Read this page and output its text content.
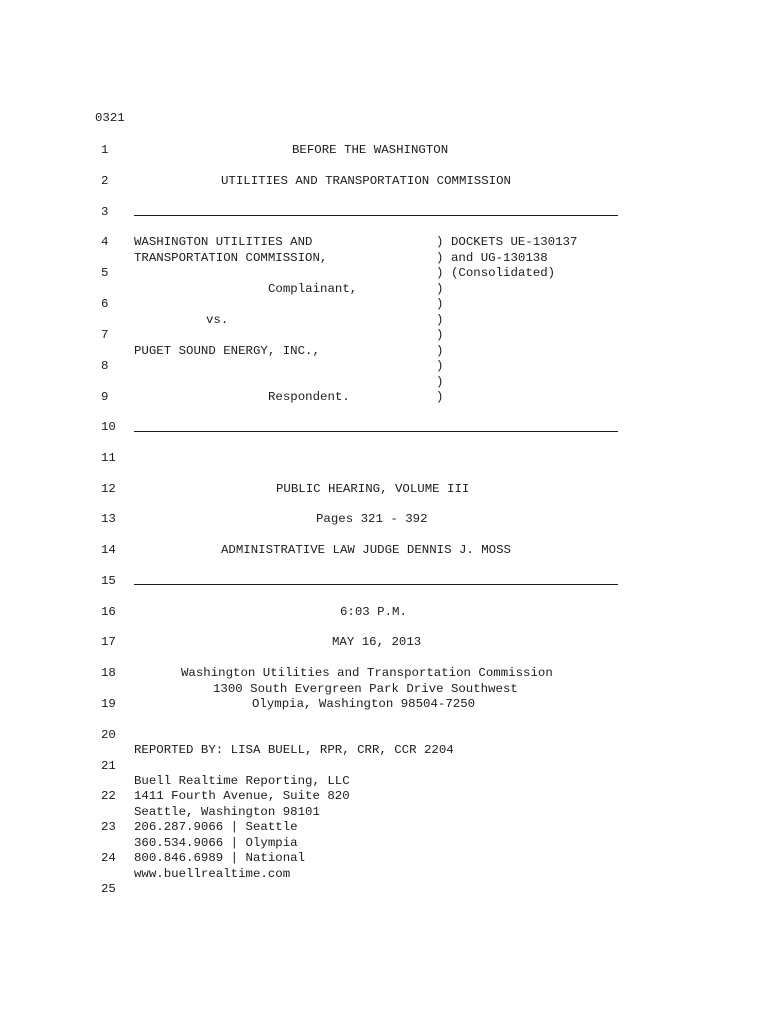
0321
1
2
3
4
5
6
7
8
9
10
11
12
13
14
15
16
17
18
19
20
21
22
23
24
25
BEFORE THE WASHINGTON
UTILITIES AND TRANSPORTATION COMMISSION
WASHINGTON UTILITIES AND
TRANSPORTATION COMMISSION,
Complainant,
vs.
PUGET SOUND ENERGY, INC.,
Respondent.
)
)
)
)
)
)
)
)
)
)
)
DOCKETS UE-130137
and UG-130138
(Consolidated)
PUBLIC HEARING, VOLUME III
Pages 321 - 392
ADMINISTRATIVE LAW JUDGE DENNIS J. MOSS
6:03 P.M.
MAY 16, 2013
Washington Utilities and Transportation Commission
1300 South Evergreen Park Drive Southwest
Olympia, Washington 98504-7250
REPORTED BY: LISA BUELL, RPR, CRR, CCR 2204
Buell Realtime Reporting, LLC
1411 Fourth Avenue, Suite 820
Seattle, Washington 98101
206.287.9066 | Seattle
360.534.9066 | Olympia
800.846.6989 | National
www.buellrealtime.com
